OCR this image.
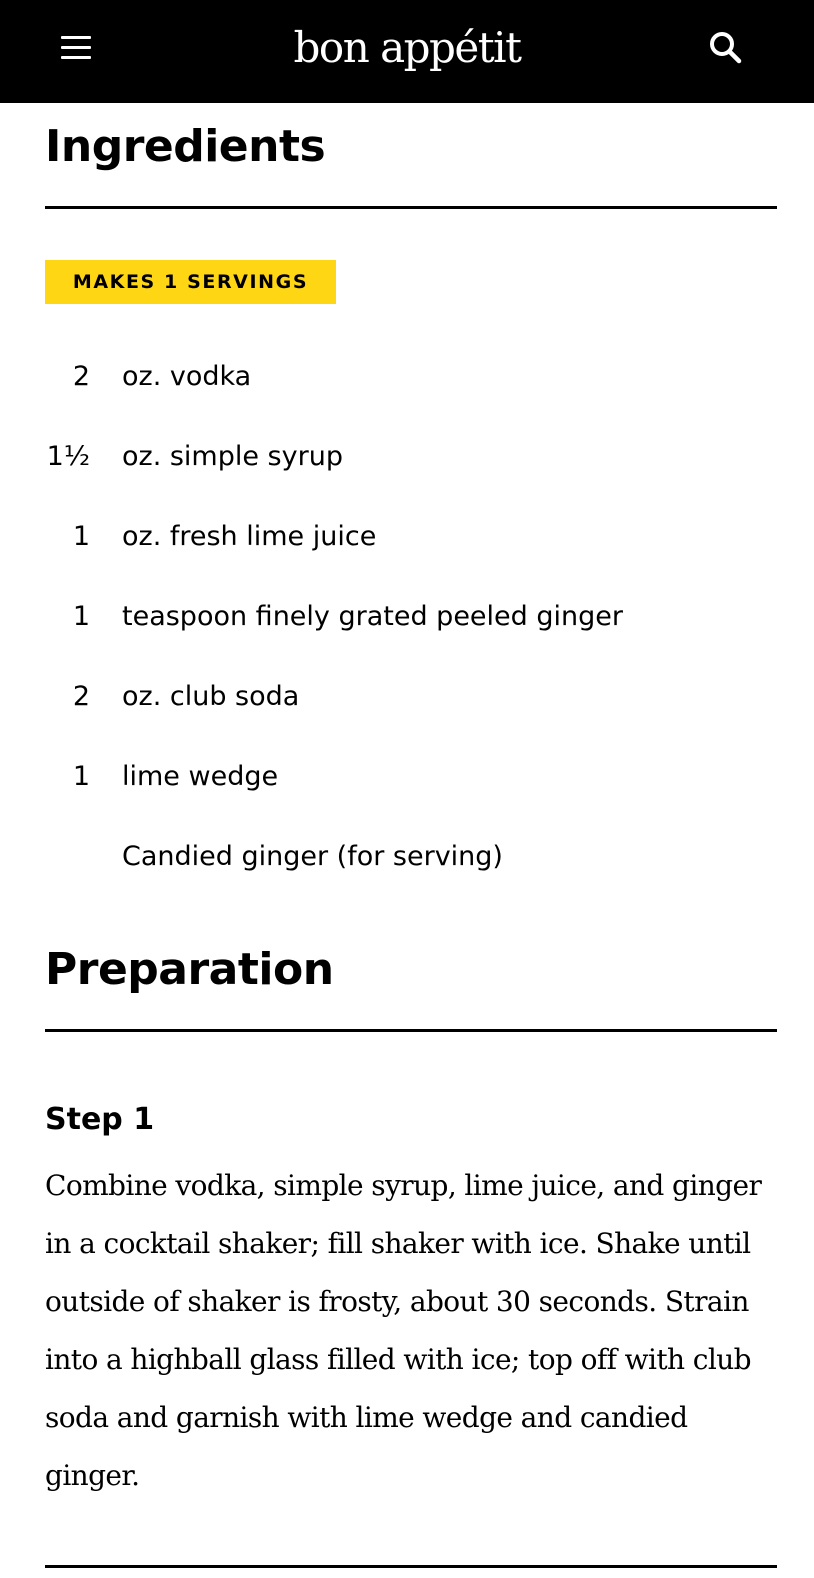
bon appétit
Ingredients
MAKES 1 SERVINGS
2 oz. vodka
1½ oz. simple syrup
1 oz. fresh lime juice
1 teaspoon finely grated peeled ginger
2 oz. club soda
1 lime wedge
Candied ginger (for serving)
Preparation
Step 1

Combine vodka, simple syrup, lime juice, and ginger in a cocktail shaker; fill shaker with ice. Shake until outside of shaker is frosty, about 30 seconds. Strain into a highball glass filled with ice; top off with club soda and garnish with lime wedge and candied ginger.
